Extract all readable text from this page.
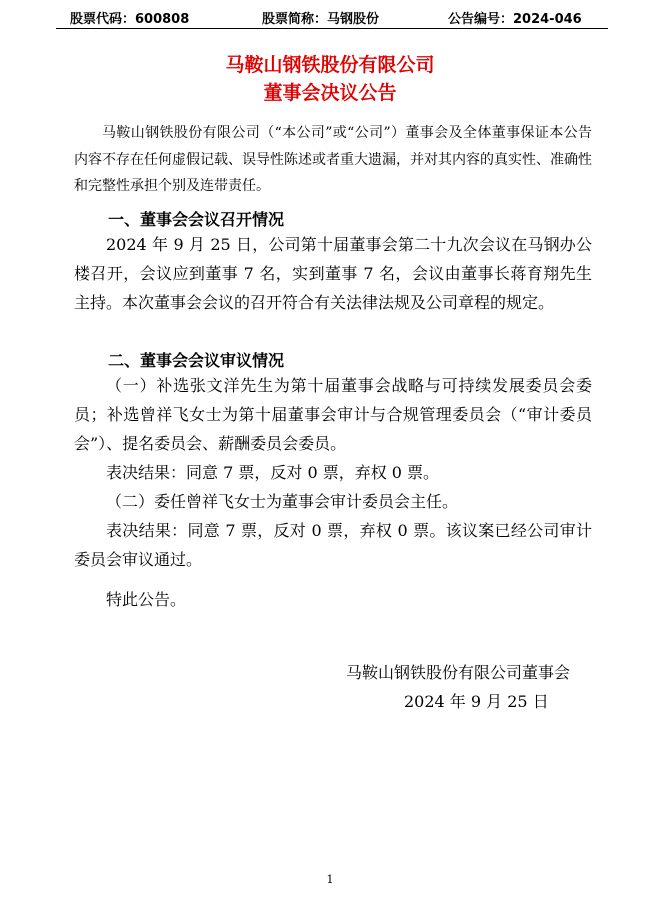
股票代码：600808	股票简称：马钢股份	公告编号：2024-046
马鞍山钢铁股份有限公司
董事会决议公告
马鞍山钢铁股份有限公司（“本公司”或“公司”）董事会及全体董事保证本公告内容不存在任何虚假记载、误导性陈述或者重大遗漏，并对其内容的真实性、准确性和完整性承担个别及连带责任。
一、董事会会议召开情况
2024 年 9 月 25 日，公司第十届董事会第二十九次会议在马钢办公楼召开，会议应到董事 7 名，实到董事 7 名，会议由董事长蒋育翔先生主持。本次董事会会议的召开符合有关法律法规及公司章程的规定。
二、董事会会议审议情况
（一）补选张文洋先生为第十届董事会战略与可持续发展委员会委员；补选曾祥飞女士为第十届董事会审计与合规管理委员会（“审计委员会”）、提名委员会、薪酬委员会委员。
表决结果：同意 7 票，反对 0 票，弃权 0 票。
（二）委任曾祥飞女士为董事会审计委员会主任。
表决结果：同意 7 票，反对 0 票，弃权 0 票。该议案已经公司审计委员会审议通过。
特此公告。
马鞍山钢铁股份有限公司董事会
2024 年 9 月 25 日
1
